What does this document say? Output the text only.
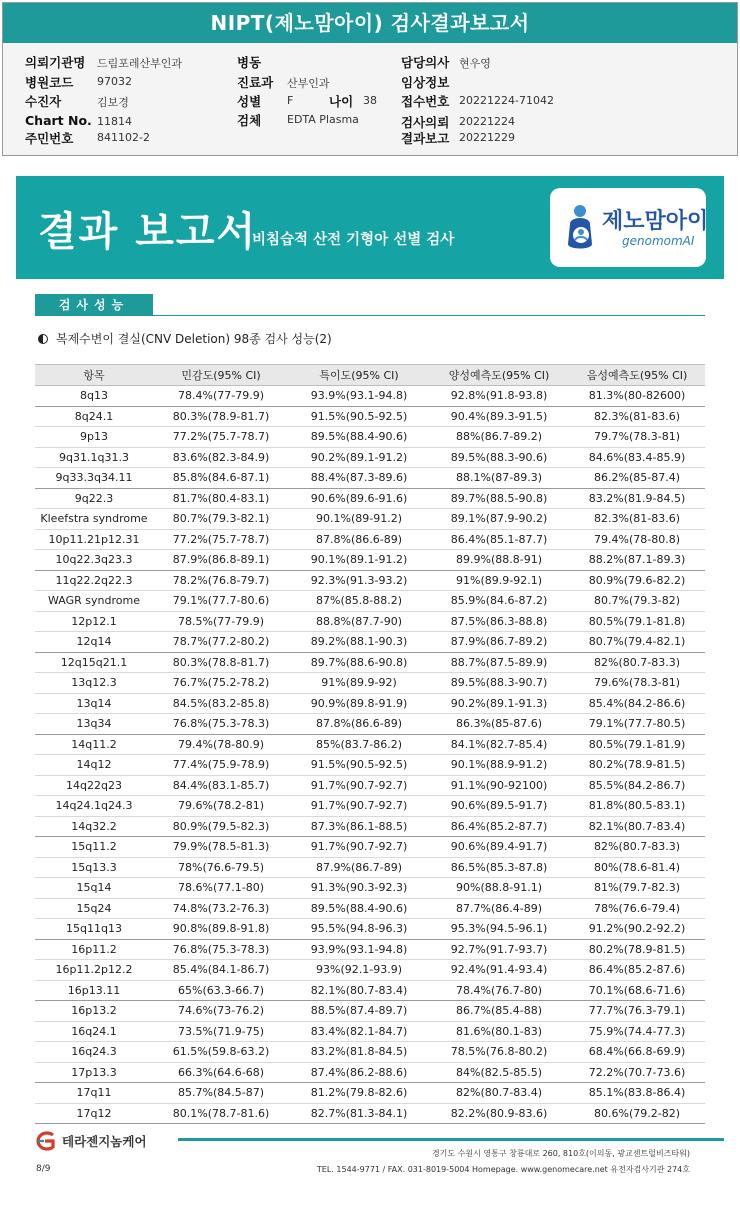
NIPT(제노맘아이) 검사결과보고서
의뢰기관명 드림포레산부인과
병원코드 97032
수진자	김보경
Chart No. 11814
주민번호 841102-2
병동
진료과 산부인과
성별 F	나이 38
검체 EDTA Plasma
담당의사 현우영
임상정보
접수번호 20221224-71042
검사의뢰 20221224
결과보고 20221229
결과 보고서
비침습적 산전 기형아 선별 검사
제노맘아이
genomomAI
검사성능
복제수변이 결실(CNV Deletion) 98종 검사 성능(2)
항목	민감도(95% CI)	특이도(95% CI)	양성예측도(95% CI)	음성예측도(95% CI)
8q13	78.4%(77-79.9)	93.9%(93.1-94.8)	92.8%(91.8-93.8)	81.3%(80-82600)
8q24.1	80.3%(78.9-81.7)	91.5%(90.5-92.5)	90.4%(89.3-91.5)	82.3%(81-83.6)
9p13	77.2%(75.7-78.7)	89.5%(88.4-90.6)	88%(86.7-89.2)	79.7%(78.3-81)
9q31.1q31.3	83.6%(82.3-84.9)	90.2%(89.1-91.2)	89.5%(88.3-90.6)	84.6%(83.4-85.9)
9q33.3q34.11	85.8%(84.6-87.1)	88.4%(87.3-89.6)	88.1%(87-89.3)	86.2%(85-87.4)
9q22.3	81.7%(80.4-83.1)	90.6%(89.6-91.6)	89.7%(88.5-90.8)	83.2%(81.9-84.5)
Kleefstra syndrome	80.7%(79.3-82.1)	90.1%(89-91.2)	89.1%(87.9-90.2)	82.3%(81-83.6)
10p11.21p12.31	77.2%(75.7-78.7)	87.8%(86.6-89)	86.4%(85.1-87.7)	79.4%(78-80.8)
10q22.3q23.3	87.9%(86.8-89.1)	90.1%(89.1-91.2)	89.9%(88.8-91)	88.2%(87.1-89.3)
11q22.2q22.3	78.2%(76.8-79.7)	92.3%(91.3-93.2)	91%(89.9-92.1)	80.9%(79.6-82.2)
WAGR syndrome	79.1%(77.7-80.6)	87%(85.8-88.2)	85.9%(84.6-87.2)	80.7%(79.3-82)
12p12.1	78.5%(77-79.9)	88.8%(87.7-90)	87.5%(86.3-88.8)	80.5%(79.1-81.8)
12q14	78.7%(77.2-80.2)	89.2%(88.1-90.3)	87.9%(86.7-89.2)	80.7%(79.4-82.1)
12q15q21.1	80.3%(78.8-81.7)	89.7%(88.6-90.8)	88.7%(87.5-89.9)	82%(80.7-83.3)
13q12.3	76.7%(75.2-78.2)	91%(89.9-92)	89.5%(88.3-90.7)	79.6%(78.3-81)
13q14	84.5%(83.2-85.8)	90.9%(89.8-91.9)	90.2%(89.1-91.3)	85.4%(84.2-86.6)
13q34	76.8%(75.3-78.3)	87.8%(86.6-89)	86.3%(85-87.6)	79.1%(77.7-80.5)
14q11.2	79.4%(78-80.9)	85%(83.7-86.2)	84.1%(82.7-85.4)	80.5%(79.1-81.9)
14q12	77.4%(75.9-78.9)	91.5%(90.5-92.5)	90.1%(88.9-91.2)	80.2%(78.9-81.5)
14q22q23	84.4%(83.1-85.7)	91.7%(90.7-92.7)	91.1%(90-92100)	85.5%(84.2-86.7)
14q24.1q24.3	79.6%(78.2-81)	91.7%(90.7-92.7)	90.6%(89.5-91.7)	81.8%(80.5-83.1)
14q32.2	80.9%(79.5-82.3)	87.3%(86.1-88.5)	86.4%(85.2-87.7)	82.1%(80.7-83.4)
15q11.2	79.9%(78.5-81.3)	91.7%(90.7-92.7)	90.6%(89.4-91.7)	82%(80.7-83.3)
15q13.3	78%(76.6-79.5)	87.9%(86.7-89)	86.5%(85.3-87.8)	80%(78.6-81.4)
15q14	78.6%(77.1-80)	91.3%(90.3-92.3)	90%(88.8-91.1)	81%(79.7-82.3)
15q24	74.8%(73.2-76.3)	89.5%(88.4-90.6)	87.7%(86.4-89)	78%(76.6-79.4)
15q11q13	90.8%(89.8-91.8)	95.5%(94.8-96.3)	95.3%(94.5-96.1)	91.2%(90.2-92.2)
16p11.2	76.8%(75.3-78.3)	93.9%(93.1-94.8)	92.7%(91.7-93.7)	80.2%(78.9-81.5)
16p11.2p12.2	85.4%(84.1-86.7)	93%(92.1-93.9)	92.4%(91.4-93.4)	86.4%(85.2-87.6)
16p13.11	65%(63.3-66.7)	82.1%(80.7-83.4)	78.4%(76.7-80)	70.1%(68.6-71.6)
16p13.2	74.6%(73-76.2)	88.5%(87.4-89.7)	86.7%(85.4-88)	77.7%(76.3-79.1)
16q24.1	73.5%(71.9-75)	83.4%(82.1-84.7)	81.6%(80.1-83)	75.9%(74.4-77.3)
16q24.3	61.5%(59.8-63.2)	83.2%(81.8-84.5)	78.5%(76.8-80.2)	68.4%(66.8-69.9)
17p13.3	66.3%(64.6-68)	87.4%(86.2-88.6)	84%(82.5-85.5)	72.2%(70.7-73.6)
17q11	85.7%(84.5-87)	81.2%(79.8-82.6)	82%(80.7-83.4)	85.1%(83.8-86.4)
17q12	80.1%(78.7-81.6)	82.7%(81.3-84.1)	82.2%(80.9-83.6)	80.6%(79.2-82)
테라젠지놈케어
경기도 수원시 영통구 창룡대로 260, 810호(이의동, 광교센트럴비즈타워)
TEL. 1544-9771 / FAX. 031-8019-5004 Homepage. www.genomecare.net 유전자검사기관 274호
8/9
